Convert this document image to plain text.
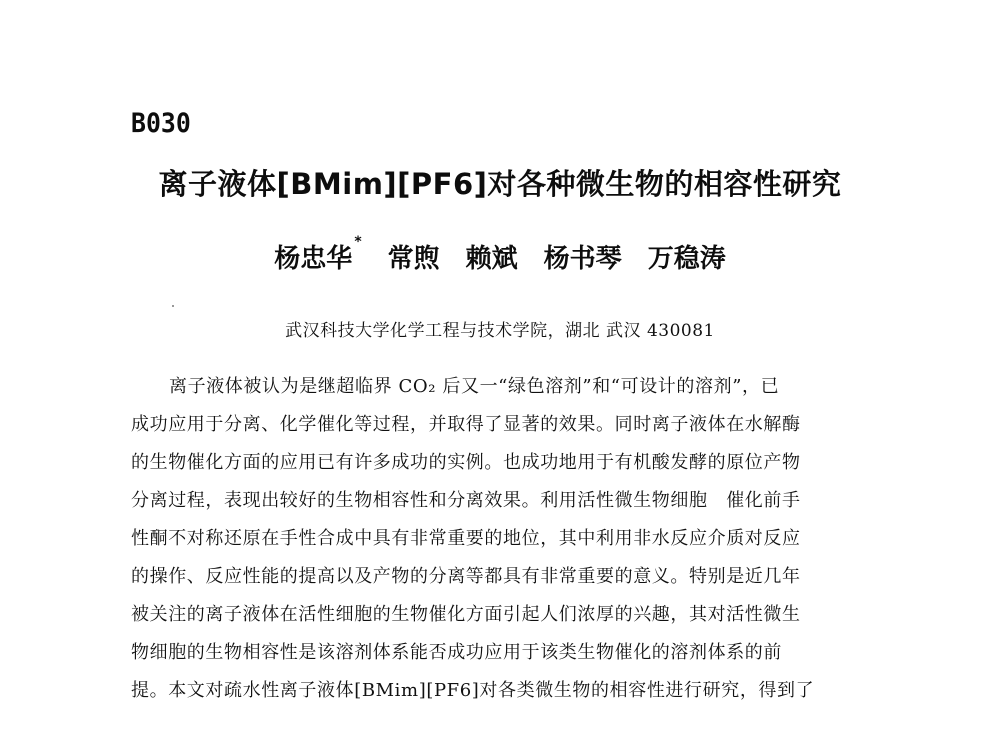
B030
离子液体[BMim][PF6]对各种微生物的相容性研究
杨忠华*常煦 赖斌 杨书琴 万稳涛
武汉科技大学化学工程与技术学院，湖北 武汉 430081
离子液体被认为是继超临界 CO₂ 后又一“绿色溶剂”和“可设计的溶剂”，已
成功应用于分离、化学催化等过程，并取得了显著的效果。同时离子液体在水解酶
的生物催化方面的应用已有许多成功的实例。也成功地用于有机酸发酵的原位产物
分离过程，表现出较好的生物相容性和分离效果。利用活性微生物细胞　催化前手
性酮不对称还原在手性合成中具有非常重要的地位，其中利用非水反应介质对反应
的操作、反应性能的提高以及产物的分离等都具有非常重要的意义。特别是近几年
被关注的离子液体在活性细胞的生物催化方面引起人们浓厚的兴趣，其对活性微生
物细胞的生物相容性是该溶剂体系能否成功应用于该类生物催化的溶剂体系的前
提。本文对疏水性离子液体[BMim][PF6]对各类微生物的相容性进行研究，得到了
